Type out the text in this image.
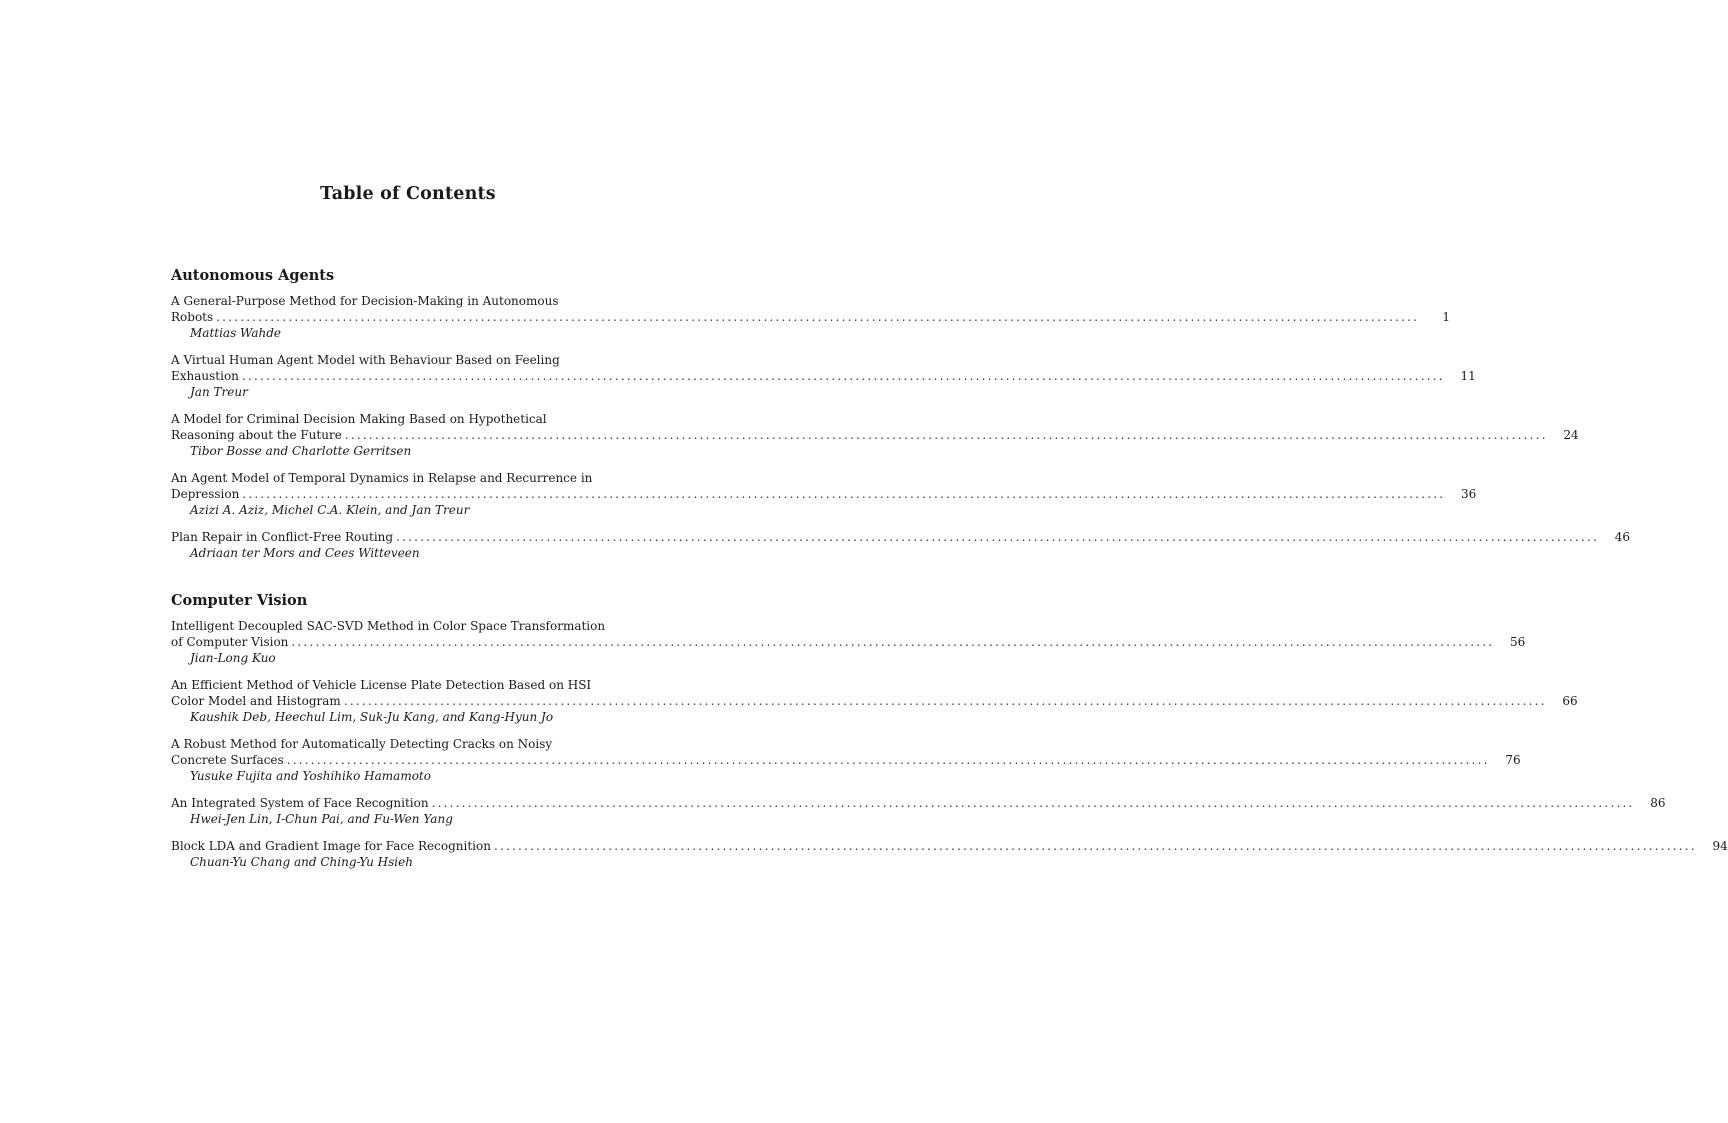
Table of Contents
Autonomous Agents
A General-Purpose Method for Decision-Making in Autonomous
Robots ........................................................................................................................................................................................................	1
Mattias Wahde
A Virtual Human Agent Model with Behaviour Based on Feeling
Exhaustion ........................................................................................................................................................................................................	11
Jan Treur
A Model for Criminal Decision Making Based on Hypothetical
Reasoning about the Future ........................................................................................................................................................................................................	24
Tibor Bosse and Charlotte Gerritsen
An Agent Model of Temporal Dynamics in Relapse and Recurrence in
Depression ........................................................................................................................................................................................................	36
Azizi A. Aziz, Michel C.A. Klein, and Jan Treur
Plan Repair in Conflict-Free Routing ........................................................................................................................................................................................................	46
Adriaan ter Mors and Cees Witteveen
Computer Vision
Intelligent Decoupled SAC-SVD Method in Color Space Transformation
of Computer Vision ........................................................................................................................................................................................................	56
Jian-Long Kuo
An Efficient Method of Vehicle License Plate Detection Based on HSI
Color Model and Histogram ........................................................................................................................................................................................................	66
Kaushik Deb, Heechul Lim, Suk-Ju Kang, and Kang-Hyun Jo
A Robust Method for Automatically Detecting Cracks on Noisy
Concrete Surfaces ........................................................................................................................................................................................................	76
Yusuke Fujita and Yoshihiko Hamamoto
An Integrated System of Face Recognition ........................................................................................................................................................................................................	86
Hwei-Jen Lin, I-Chun Pai, and Fu-Wen Yang
Block LDA and Gradient Image for Face Recognition ........................................................................................................................................................................................................	94
Chuan-Yu Chang and Ching-Yu Hsieh
